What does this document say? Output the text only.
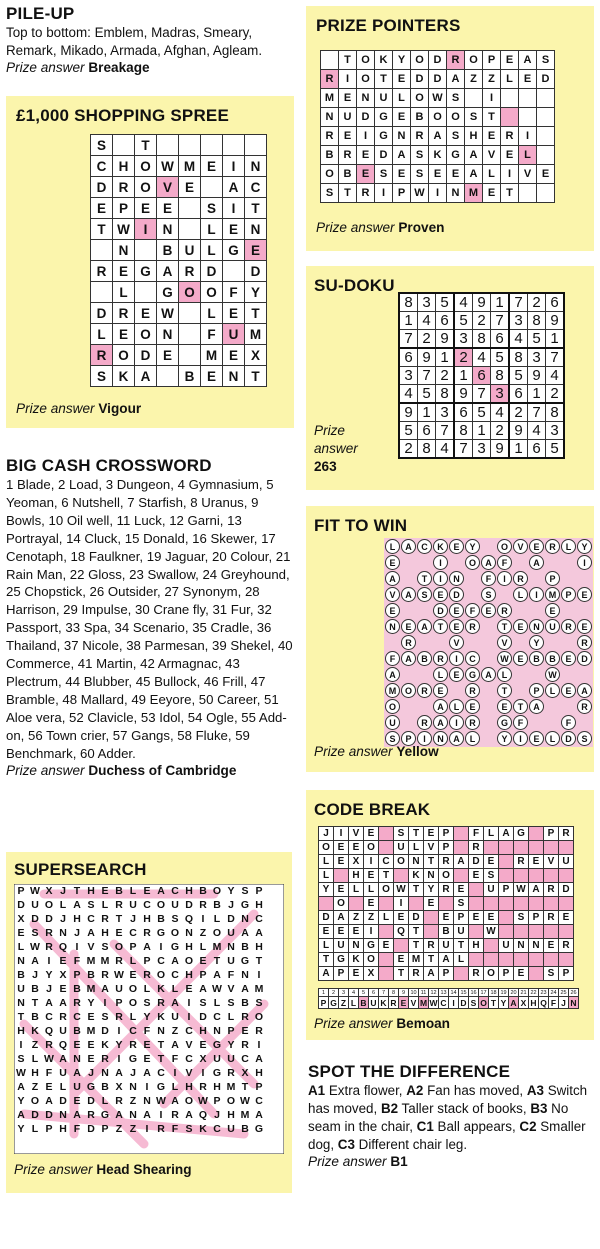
PILE-UP

Top to bottom: Emblem, Madras, Smeary, Remark, Mikado, Armada, Afghan, Agleam.

Prize answer Breakage

£1,000 SHOPPING SPREE
S		T					
C	H	O	W	M	E	I	N
D	R	O	V	E		A	C
E	P	E	E		S	I	T
T	W	I	N		L	E	N
	N		B	U	L	G	E
R	E	G	A	R	D		D
	L		G	O	O	F	Y
D	R	E	W		L	E	T
L	E	O	N		F	U	M
R	O	D	E		M	E	X
S	K	A		B	E	N	T

Prize answer Vigour

PRIZE POINTERS
	T	O	K	Y	O	D	R	O	P	E	A	S
R	I	O	T	E	D	D	A	Z	Z	L	E	D
M	E	N	U	L	O	W	S		I			
N	U	D	G	E	B	O	O	S	T			
R	E	I	G	N	R	A	S	H	E	R	I	
B	R	E	D	A	S	K	G	A	V	E	L	
O	B	E	S	E	S	E	E	A	L	I	V	E
S	T	R	I	P	W	I	N	M	E	T		

Prize answer Proven

SU-DOKU
8	3	5	4	9	1	7	2	6
1	4	6	5	2	7	3	8	9
7	2	9	3	8	6	4	5	1
6	9	1	2	4	5	8	3	7
3	7	2	1	6	8	5	9	4
4	5	8	9	7	3	6	1	2
9	1	3	6	5	4	2	7	8
5	6	7	8	1	2	9	4	3
2	8	4	7	3	9	1	6	5
Prize
answer
263
BIG CASH CROSSWORD

1 Blade, 2 Load, 3 Dungeon, 4 Gymnasium, 5 Yeoman, 6 Nutshell, 7 Starfish, 8 Uranus, 9 Bowls, 10 Oil well, 11 Luck, 12 Garni, 13 Portrayal, 14 Cluck, 15 Donald, 16 Skewer, 17 Cenotaph, 18 Faulkner, 19 Jaguar, 20 Colour, 21 Rain Man, 22 Gloss, 23 Swallow, 24 Greyhound, 25 Chopstick, 26 Outsider, 27 Synonym, 28 Harrison, 29 Impulse, 30 Crane fly, 31 Fur, 32 Passport, 33 Spa, 34 Scenario, 35 Cradle, 36 Thailand, 37 Nicole, 38 Parmesan, 39 Shekel, 40 Commerce, 41 Martin, 42 Armagnac, 43 Plectrum, 44 Blubber, 45 Bullock, 46 Frill, 47 Bramble, 48 Mallard, 49 Eeyore, 50 Career, 51 Aloe vera, 52 Clavicle, 53 Idol, 54 Ogle, 55 Add-on, 56 Town crier, 57 Gangs, 58 Fluke, 59 Benchmark, 60 Adder.

Prize answer Duchess of Cambridge

FIT TO WIN
L	A	C	K	E	Y		O	V	E	R	L	Y
E			I		O	A	F		A			I
A		T	I	N		F	I	R		P		
V	A	S	E	D		S		L	I	M	P	E
E			D	E	F	E	R			E		
N	E	A	T	E	R		T	E	N	U	R	E
	R			V			V		Y			R
F	A	B	R	I	C		W	E	B	B	E	D
A			L	E	G	A	L			W		
M	O	R	E		R		T		P	L	E	A
O			A	L	E		E	T	A			R
U		R	A	I	R		G	F			F	
S	P	I	N	A	L		Y	I	E	L	D	S

Prize answer Yellow

CODE BREAK
J	I	V	E		S	T	E	P		F	L	A	G		P	R
O	E	E	O		U	L	V	P		R						
L	E	X	I	C	O	N	T	R	A	D	E		R	E	V	U
L		H	E	T		K	N	O		E	S					
Y	E	L	L	O	W	T	Y	R	E		U	P	W	A	R	D
	O		E		I		E		S							
D	A	Z	Z	L	E	D		E	P	E	E		S	P	R	E
E	E	E	I		Q	T		B	U		W					
L	U	N	G	E		T	R	U	T	H		U	N	N	E	R
T	G	K	O		E	M	T	A	L							
A	P	E	X		T	R	A	P		R	O	P	E		S	P
1	2	3	4	5	6	7	8	9	10	11	12	13	14	15	16	17	18	19	20	21	22	23	24	25	26
P	G	Z	L	B	U	K	R	E	V	M	W	C	I	D	S	O	T	Y	A	X	H	Q	F	J	N

Prize answer Bemoan

SUPERSEARCH
P	W	X	J	T	H	E	B	L	E	A	C	H	B	O	Y	S	P
D	U	O	L	A	S	L	R	U	C	O	U	D	R	B	J	G	H
X	D	D	J	H	C	R	T	J	H	B	S	Q	I	L	D	N	C
E	S	R	N	J	A	H	E	C	R	G	O	N	Z	O	U	A	A
L	W	R	Q	I	V	S	O	P	A	I	G	H	L	M	N	B	H
N	A	I	E	F	M	M	R	L	P	C	A	O	E	T	U	G	T
B	J	Y	X	P	B	R	W	E	R	O	C	H	P	A	F	N	I
U	B	J	E	B	M	A	U	O	L	K	L	E	A	W	V	A	M
N	T	A	A	R	Y	I	P	O	S	R	A	I	S	L	S	B	S
T	B	C	R	C	E	S	R	L	Y	K	U	I	D	C	L	R	O
H	K	Q	U	B	M	D	I	C	F	N	Z	C	H	N	P	E	R
I	Z	R	Q	E	E	K	Y	R	E	T	A	V	E	G	Y	R	I
S	L	W	A	N	E	R	I	G	E	T	F	C	X	U	U	C	A
W	H	F	U	A	J	N	A	J	A	C	I	V	I	G	R	X	H
A	Z	E	L	U	G	B	X	N	I	G	L	H	R	H	M	T	P
Y	O	A	D	E	D	L	R	Z	N	W	A	O	W	P	O	W	C
A	D	D	N	A	R	G	A	N	A	I	R	A	Q	J	H	M	A
Y	L	P	H	F	D	P	Z	Z	I	R	F	S	K	C	U	B	G

Prize answer Head Shearing

SPOT THE DIFFERENCE

A1 Extra flower, A2 Fan has moved, A3 Switch has moved, B2 Taller stack of books, B3 No seam in the chair, C1 Ball appears, C2 Smaller dog, C3 Different chair leg.

Prize answer B1
